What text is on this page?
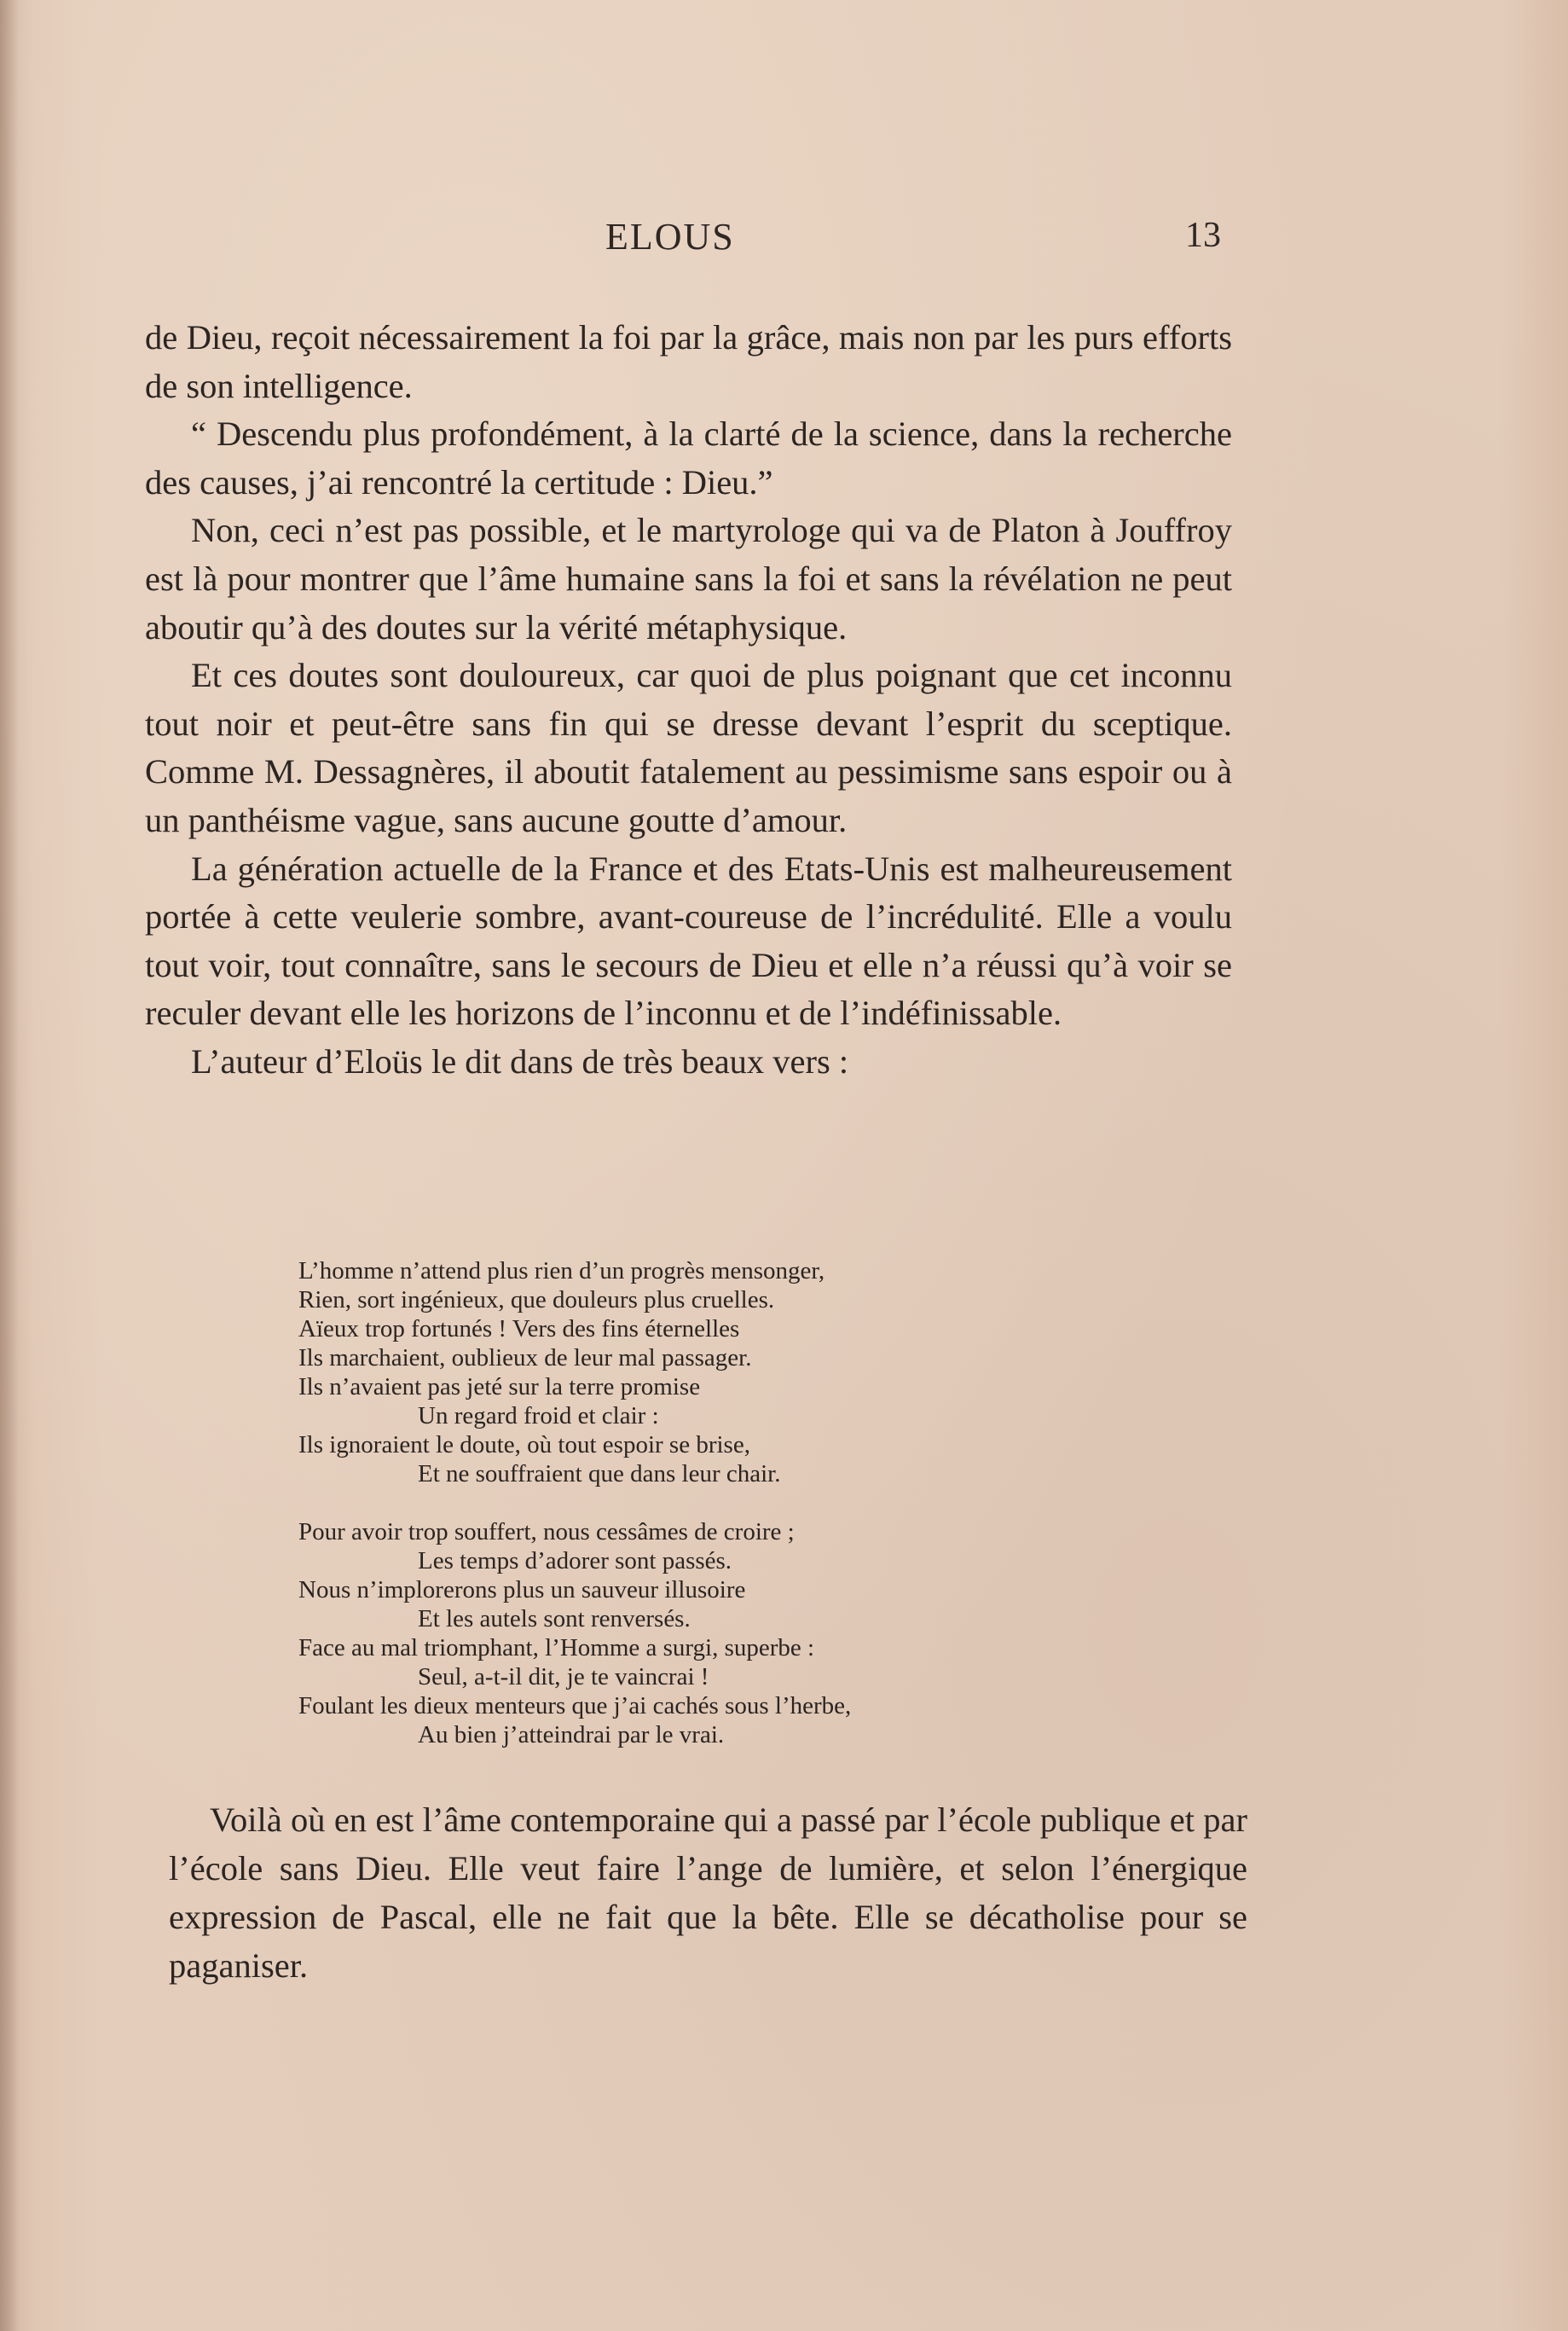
ELOUS	13

de Dieu, reçoit nécessairement la foi par la grâce, mais non par les purs efforts de son intelligence.

“ Descendu plus profondément, à la clarté de la science, dans la recherche des causes, j’ai rencontré la certitude : Dieu.”

Non, ceci n’est pas possible, et le martyrologe qui va de Platon à Jouffroy est là pour montrer que l’âme humaine sans la foi et sans la révélation ne peut aboutir qu’à des doutes sur la vérité métaphysique.

Et ces doutes sont douloureux, car quoi de plus poignant que cet inconnu tout noir et peut-être sans fin qui se dresse devant l’esprit du sceptique. Comme M. Dessagnères, il aboutit fatalement au pessimisme sans espoir ou à un panthéisme vague, sans aucune goutte d’amour.

La génération actuelle de la France et des Etats-Unis est malheureusement portée à cette veulerie sombre, avant-coureuse de l’incrédulité. Elle a voulu tout voir, tout connaître, sans le secours de Dieu et elle n’a réussi qu’à voir se reculer devant elle les horizons de l’inconnu et de l’indéfinissable.

L’auteur d’Eloüs le dit dans de très beaux vers :

L’homme n’attend plus rien d’un progrès mensonger,
Rien, sort ingénieux, que douleurs plus cruelles.
Aïeux trop fortunés ! Vers des fins éternelles
Ils marchaient, oublieux de leur mal passager.
Ils n’avaient pas jeté sur la terre promise
Un regard froid et clair :
Ils ignoraient le doute, où tout espoir se brise,
Et ne souffraient que dans leur chair.
Pour avoir trop souffert, nous cessâmes de croire ;
Les temps d’adorer sont passés.
Nous n’implorerons plus un sauveur illusoire
Et les autels sont renversés.
Face au mal triomphant, l’Homme a surgi, superbe :
Seul, a-t-il dit, je te vaincrai !
Foulant les dieux menteurs que j’ai cachés sous l’herbe,
Au bien j’atteindrai par le vrai.

Voilà où en est l’âme contemporaine qui a passé par l’école publique et par l’école sans Dieu. Elle veut faire l’ange de lumière, et selon l’énergique expression de Pascal, elle ne fait que la bête. Elle se décatholise pour se paganiser.
